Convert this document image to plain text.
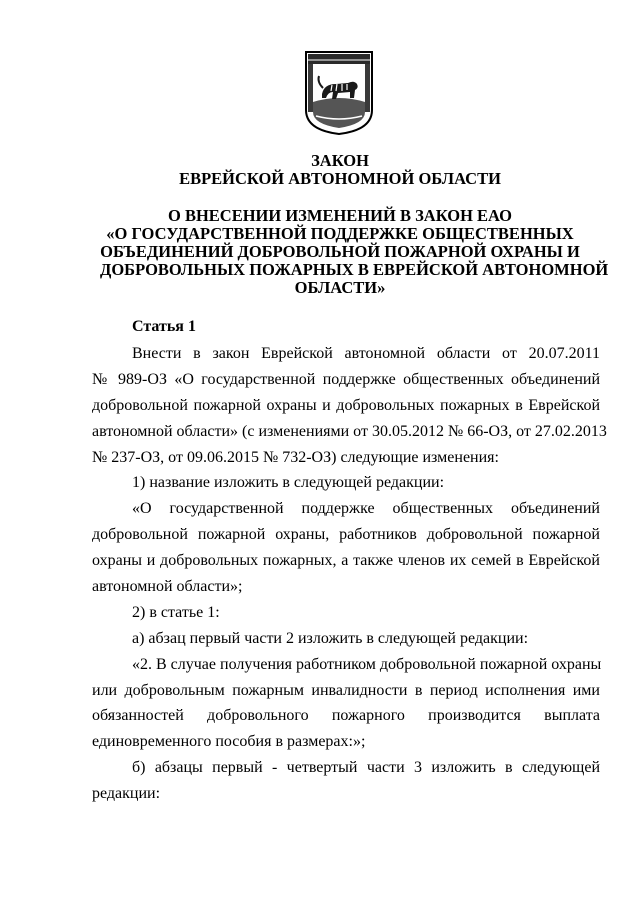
ЗАКОН
ЕВРЕЙСКОЙ АВТОНОМНОЙ ОБЛАСТИ
О ВНЕСЕНИИ ИЗМЕНЕНИЙ В ЗАКОН ЕАО
«О ГОСУДАРСТВЕННОЙ ПОДДЕРЖКЕ ОБЩЕСТВЕННЫХ
ОБЪЕДИНЕНИЙ ДОБРОВОЛЬНОЙ ПОЖАРНОЙ ОХРАНЫ И
ДОБРОВОЛЬНЫХ ПОЖАРНЫХ В ЕВРЕЙСКОЙ АВТОНОМНОЙ
ОБЛАСТИ»
Статья 1
Внести в закон Еврейской автономной области от 20.07.2011
№ 989-ОЗ «О государственной поддержке общественных объединений
добровольной пожарной охраны и добровольных пожарных в Еврейской
автономной области» (с изменениями от 30.05.2012 № 66-ОЗ, от 27.02.2013
№ 237-ОЗ, от 09.06.2015 № 732-ОЗ) следующие изменения:
1) название изложить в следующей редакции:
«О государственной поддержке общественных объединений
добровольной пожарной охраны, работников добровольной пожарной
охраны и добровольных пожарных, а также членов их семей в Еврейской
автономной области»;
2) в статье 1:
а) абзац первый части 2 изложить в следующей редакции:
«2. В случае получения работником добровольной пожарной охраны
или добровольным пожарным инвалидности в период исполнения ими
обязанностей добровольного пожарного производится выплата
единовременного пособия в размерах:»;
б) абзацы первый - четвертый части 3 изложить в следующей
редакции:
